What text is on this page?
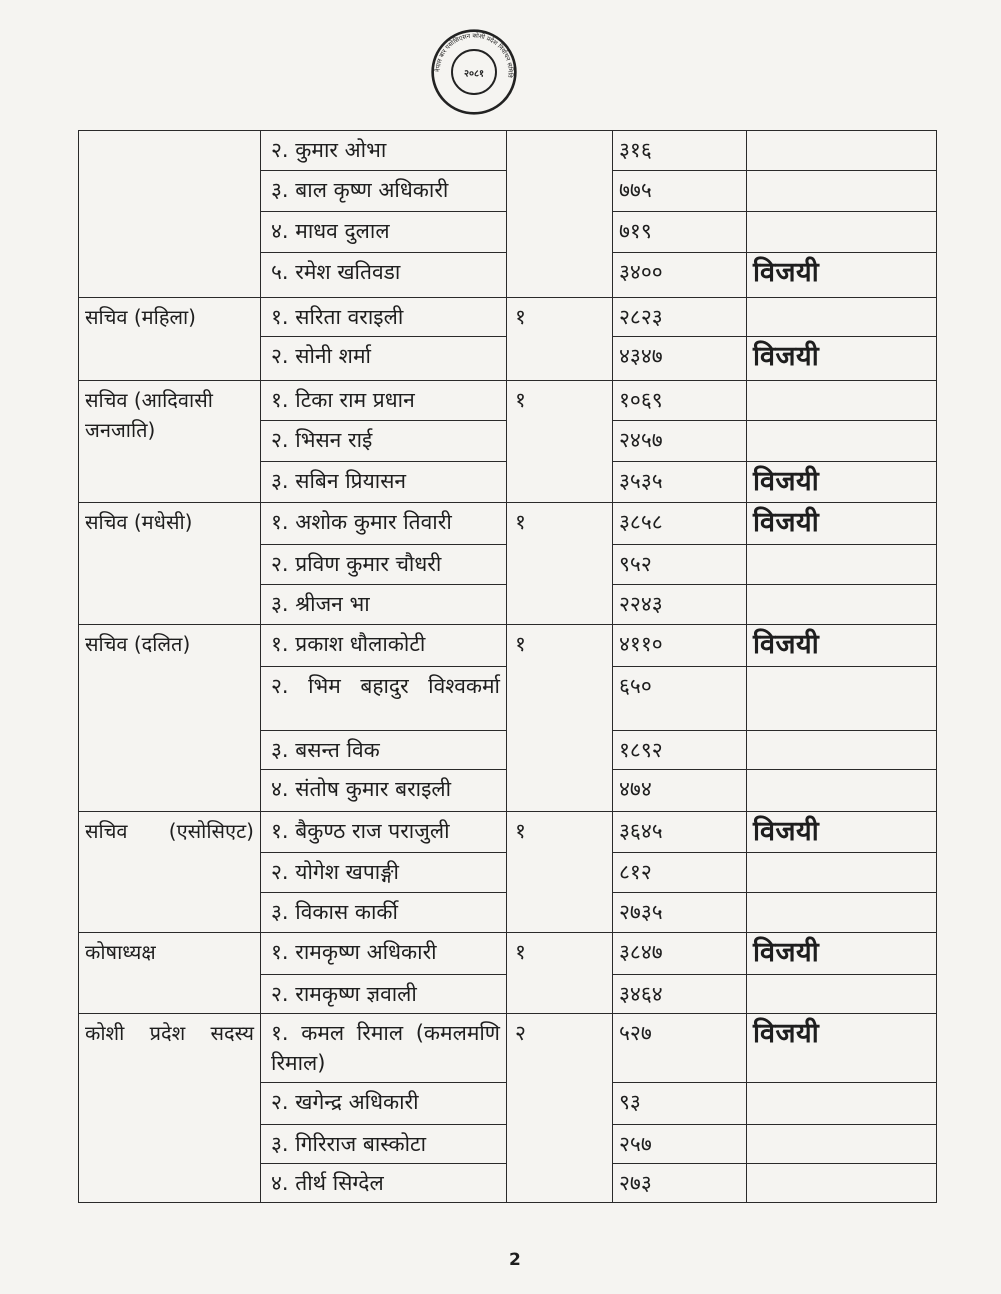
नेपाल बार एसोसिएसन कोशी प्रदेश निर्वाचन समिति
२०८१
	२. कुमार ओभा		३१६	
	३. बाल कृष्ण अधिकारी		७७५	
	४. माधव दुलाल		७१९	
	५. रमेश खतिवडा		३४००	विजयी
सचिव (महिला)	१. सरिता वराइली	१	२८२३	
	२. सोनी शर्मा		४३४७	विजयी
सचिव (आदिवासी जनजाति)	१. टिका राम प्रधान	१	१०६९	
	२. भिसन राई		२४५७	
	३. सबिन प्रियासन		३५३५	विजयी
सचिव (मधेसी)	१. अशोक कुमार तिवारी	१	३८५८	विजयी
	२. प्रविण कुमार चौधरी		९५२	
	३. श्रीजन भा		२२४३	
सचिव (दलित)	१. प्रकाश धौलाकोटी	१	४११०	विजयी
	२. भिम बहादुर विश्वकर्मा		६५०	
	३. बसन्त विक		१८९२	
	४. संतोष कुमार बराइली		४७४	
सचिव (एसोसिएट)	१. बैकुण्ठ राज पराजुली	१	३६४५	विजयी
	२. योगेश खपाङ्गी		८१२	
	३. विकास कार्की		२७३५	
कोषाध्यक्ष	१. रामकृष्ण अधिकारी	१	३८४७	विजयी
	२. रामकृष्ण ज्ञवाली		३४६४	
कोशी प्रदेश सदस्य	१. कमल रिमाल (कमलमणि रिमाल)	२	५२७	विजयी
	२. खगेन्द्र अधिकारी		९३	
	३. गिरिराज बास्कोटा		२५७	
	४. तीर्थ सिग्देल		२७३	
2
